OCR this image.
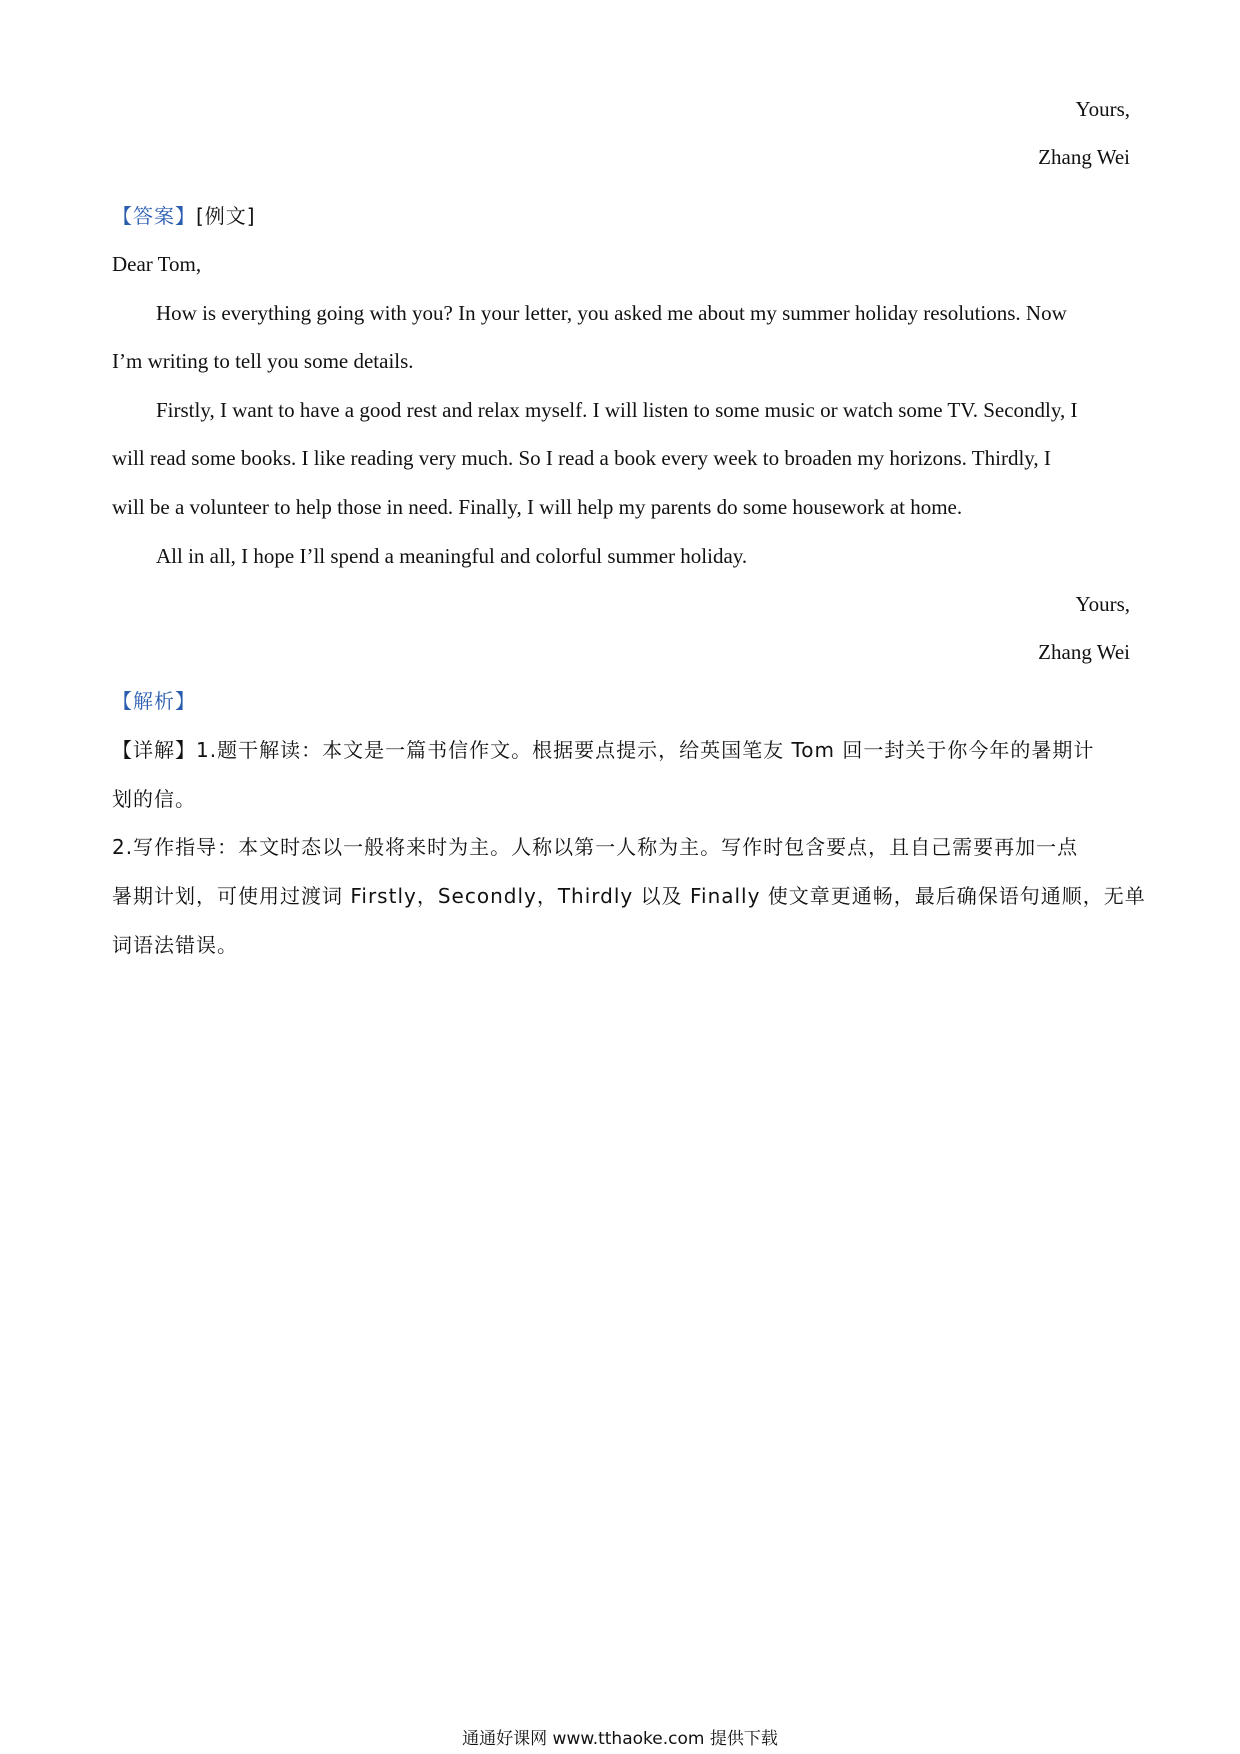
Yours,
Zhang Wei
【答案】[例文]
Dear Tom,
How is everything going with you? In your letter, you asked me about my summer holiday resolutions. Now
I’m writing to tell you some details.
Firstly, I want to have a good rest and relax myself. I will listen to some music or watch some TV. Secondly, I
will read some books. I like reading very much. So I read a book every week to broaden my horizons. Thirdly, I
will be a volunteer to help those in need. Finally, I will help my parents do some housework at home.
All in all, I hope I’ll spend a meaningful and colorful summer holiday.
Yours,
Zhang Wei
【解析】
【详解】1.题干解读：本文是一篇书信作文。根据要点提示，给英国笔友 Tom 回一封关于你今年的暑期计
划的信。
2.写作指导：本文时态以一般将来时为主。人称以第一人称为主。写作时包含要点，且自己需要再加一点
暑期计划，可使用过渡词 Firstly，Secondly，Thirdly 以及 Finally 使文章更通畅，最后确保语句通顺，无单
词语法错误。
通通好课网 www.tthaoke.com 提供下载
